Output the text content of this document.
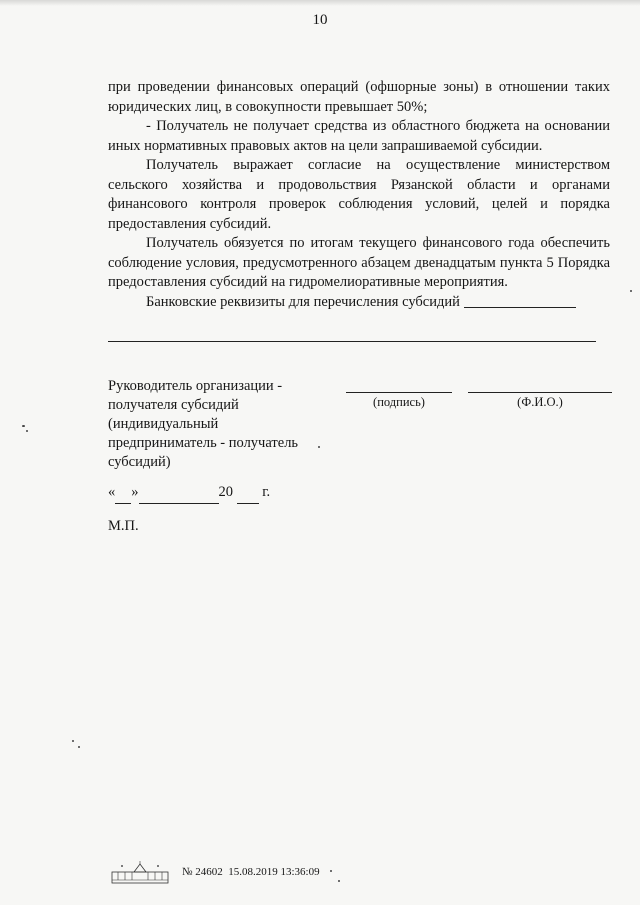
10

при проведении финансовых операций (офшорные зоны) в отношении таких юридических лиц, в совокупности превышает 50%;

- Получатель не получает средства из областного бюджета на основании иных нормативных правовых актов на цели запрашиваемой субсидии.

Получатель выражает согласие на осуществление министерством сельского хозяйства и продовольствия Рязанской области и органами финансового контроля проверок соблюдения условий, целей и порядка предоставления субсидий.

Получатель обязуется по итогам текущего финансового года обеспечить соблюдение условия, предусмотренного абзацем двенадцатым пункта 5 Порядка предоставления субсидий на гидромелиоративные мероприятия.

Банковские реквизиты для перечисления субсидий

Руководитель организации -
получателя субсидий
(индивидуальный
предприниматель - получатель
субсидий)
(подпись)	(Ф.И.О.)
« »	20 г.
М.П.
№ 24602 15.08.2019 13:36:09
